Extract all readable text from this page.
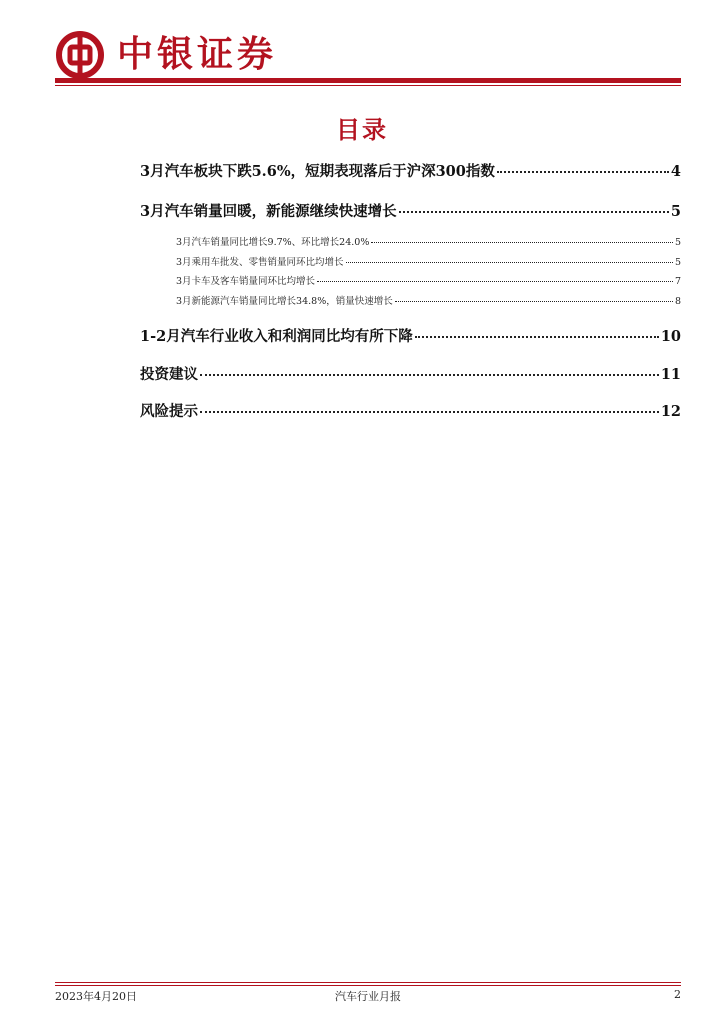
中银证券
目录
3月汽车板块下跌5.6%，短期表现落后于沪深300指数	4
3月汽车销量回暖，新能源继续快速增长	5
3月汽车销量同比增长9.7%、环比增长24.0%	5
3月乘用车批发、零售销量同环比均增长	5
3月卡车及客车销量同环比均增长	7
3月新能源汽车销量同比增长34.8%，销量快速增长	8
1-2月汽车行业收入和利润同比均有所下降	10
投资建议	11
风险提示	12
2023年4月20日	汽车行业月报	2
